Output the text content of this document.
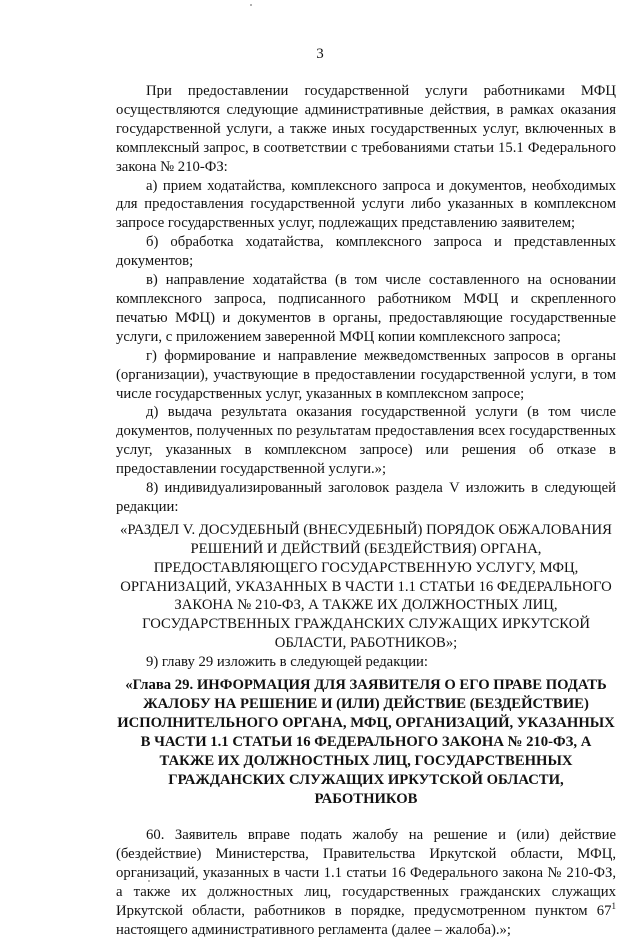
3

При предоставлении государственной услуги работниками МФЦ осуществляются следующие административные действия, в рамках оказания государственной услуги, а также иных государственных услуг, включенных в комплексный запрос, в соответствии с требованиями статьи 15.1 Федерального закона № 210-ФЗ:

а) прием ходатайства, комплексного запроса и документов, необходимых для предоставления государственной услуги либо указанных в комплексном запросе государственных услуг, подлежащих представлению заявителем;

б) обработка ходатайства, комплексного запроса и представленных документов;

в) направление ходатайства (в том числе составленного на основании комплексного запроса, подписанного работником МФЦ и скрепленного печатью МФЦ) и документов в органы, предоставляющие государственные услуги, с приложением заверенной МФЦ копии комплексного запроса;

г) формирование и направление межведомственных запросов в органы (организации), участвующие в предоставлении государственной услуги, в том числе государственных услуг, указанных в комплексном запросе;

д) выдача результата оказания государственной услуги (в том числе документов, полученных по результатам предоставления всех государственных услуг, указанных в комплексном запросе) или решения об отказе в предоставлении государственной услуги.»;

8) индивидуализированный заголовок раздела V изложить в следующей редакции:

«РАЗДЕЛ V. ДОСУДЕБНЫЙ (ВНЕСУДЕБНЫЙ) ПОРЯДОК ОБЖАЛОВАНИЯ РЕШЕНИЙ И ДЕЙСТВИЙ (БЕЗДЕЙСТВИЯ) ОРГАНА, ПРЕДОСТАВЛЯЮЩЕГО ГОСУДАРСТВЕННУЮ УСЛУГУ, МФЦ, ОРГАНИЗАЦИЙ, УКАЗАННЫХ В ЧАСТИ 1.1 СТАТЬИ 16 ФЕДЕРАЛЬНОГО ЗАКОНА № 210-ФЗ, А ТАКЖЕ ИХ ДОЛЖНОСТНЫХ ЛИЦ, ГОСУДАРСТВЕННЫХ ГРАЖДАНСКИХ СЛУЖАЩИХ ИРКУТСКОЙ ОБЛАСТИ, РАБОТНИКОВ»;

9) главу 29 изложить в следующей редакции:

«Глава 29. ИНФОРМАЦИЯ ДЛЯ ЗАЯВИТЕЛЯ О ЕГО ПРАВЕ ПОДАТЬ ЖАЛОБУ НА РЕШЕНИЕ И (ИЛИ) ДЕЙСТВИЕ (БЕЗДЕЙСТВИЕ) ИСПОЛНИТЕЛЬНОГО ОРГАНА, МФЦ, ОРГАНИЗАЦИЙ, УКАЗАННЫХ В ЧАСТИ 1.1 СТАТЬИ 16 ФЕДЕРАЛЬНОГО ЗАКОНА № 210-ФЗ, А ТАКЖЕ ИХ ДОЛЖНОСТНЫХ ЛИЦ, ГОСУДАРСТВЕННЫХ ГРАЖДАНСКИХ СЛУЖАЩИХ ИРКУТСКОЙ ОБЛАСТИ, РАБОТНИКОВ

60. Заявитель вправе подать жалобу на решение и (или) действие (бездействие) Министерства, Правительства Иркутской области, МФЦ, организаций, указанных в части 1.1 статьи 16 Федерального закона № 210-ФЗ, а также их должностных лиц, государственных гражданских служащих Иркутской области, работников в порядке, предусмотренном пунктом $67^1$ настоящего административного регламента (далее – жалоба).»;
